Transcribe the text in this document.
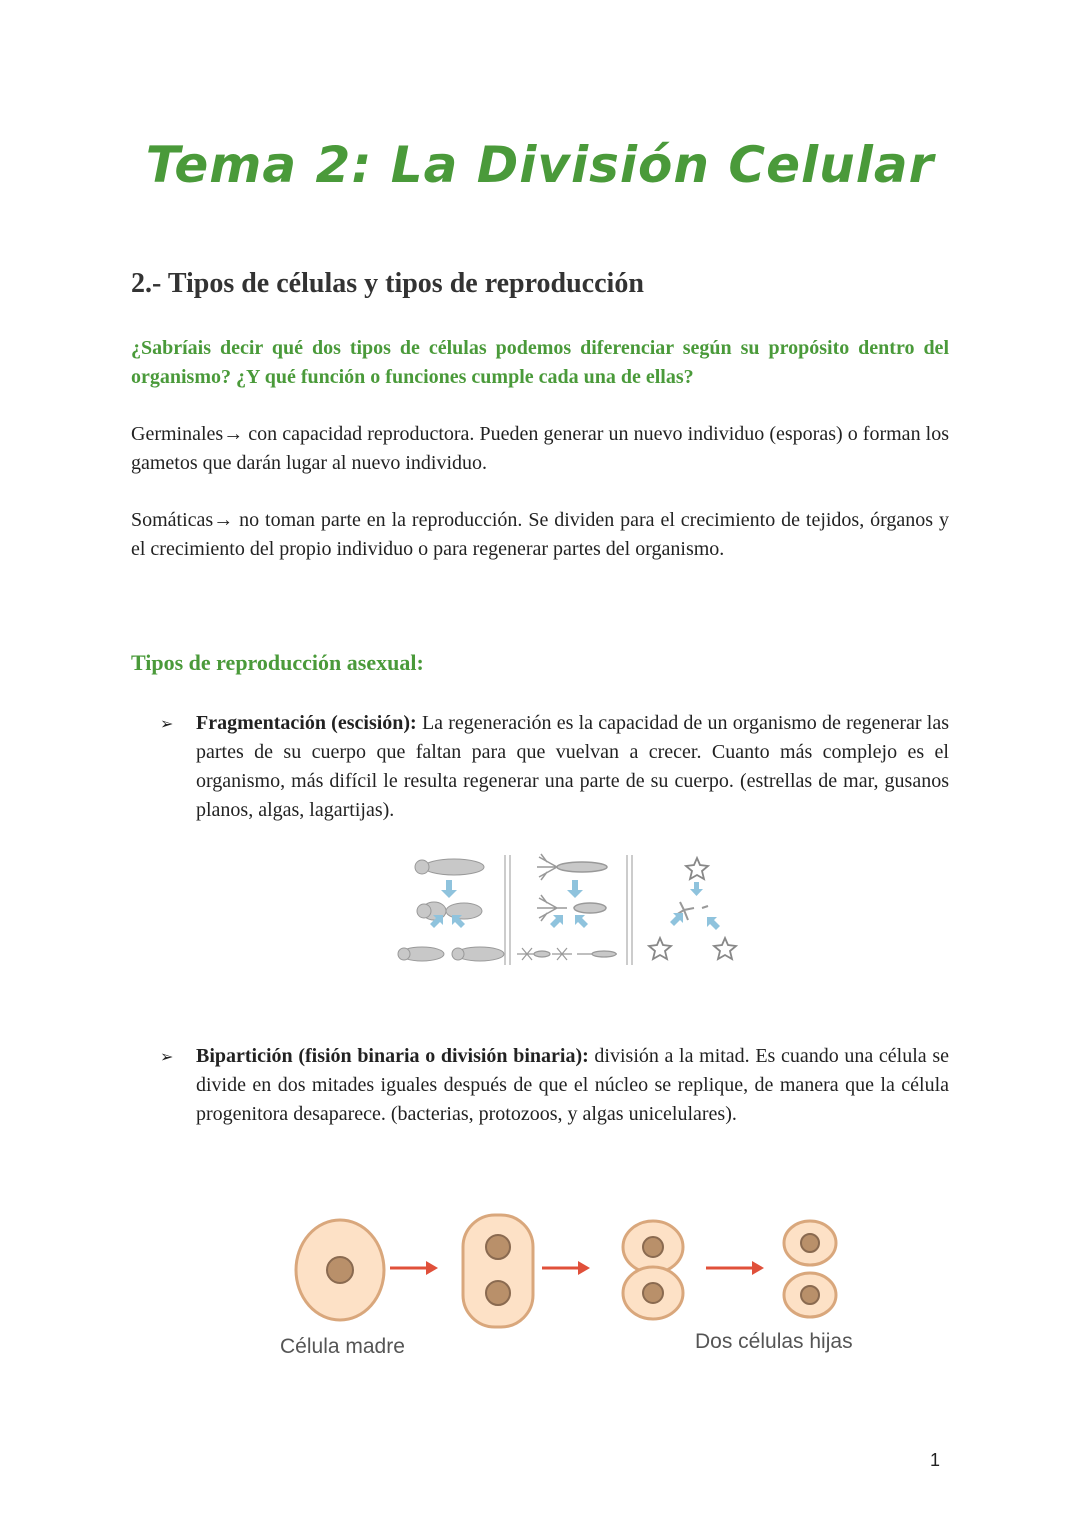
Tema 2: La División Celular
2.- Tipos de células y tipos de reproducción

¿Sabríais decir qué dos tipos de células podemos diferenciar según su propósito dentro del organismo? ¿Y qué función o funciones cumple cada una de ellas?

Germinales→ con capacidad reproductora. Pueden generar un nuevo individuo (esporas) o forman los gametos que darán lugar al nuevo individuo.

Somáticas→ no toman parte en la reproducción. Se dividen para el crecimiento de tejidos, órganos y el crecimiento del propio individuo o para regenerar partes del organismo.

Tipos de reproducción asexual:
➢	Fragmentación (escisión): La regeneración es la capacidad de un organismo de regenerar las partes de su cuerpo que faltan para que vuelvan a crecer. Cuanto más complejo es el organismo, más difícil le resulta regenerar una parte de su cuerpo. (estrellas de mar, gusanos planos, algas, lagartijas).
➢	Bipartición (fisión binaria o división binaria): división a la mitad. Es cuando una célula se divide en dos mitades iguales después de que el núcleo se replique, de manera que la célula progenitora desaparece. (bacterias, protozoos, y algas unicelulares).
Célula madre	Dos células hijas
1
